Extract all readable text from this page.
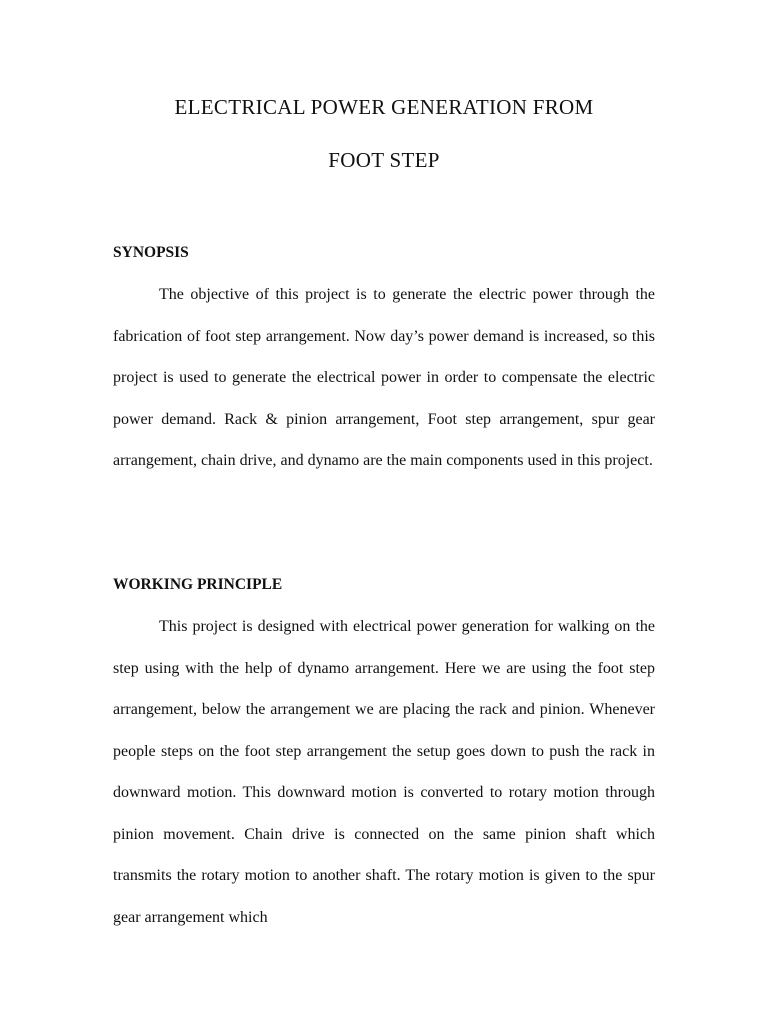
ELECTRICAL POWER GENERATION FROM
FOOT STEP
SYNOPSIS

The objective of this project is to generate the electric power through the fabrication of foot step arrangement. Now day’s power demand is increased, so this project is used to generate the electrical power in order to compensate the electric power demand. Rack & pinion arrangement, Foot step arrangement, spur gear arrangement, chain drive, and dynamo are the main components used in this project.

WORKING PRINCIPLE

This project is designed with electrical power generation for walking on the step using with the help of dynamo arrangement. Here we are using the foot step arrangement, below the arrangement we are placing the rack and pinion. Whenever people steps on the foot step arrangement the setup goes down to push the rack in downward motion. This downward motion is converted to rotary motion through pinion movement. Chain drive is connected on the same pinion shaft which transmits the rotary motion to another shaft. The rotary motion is given to the spur gear arrangement which
